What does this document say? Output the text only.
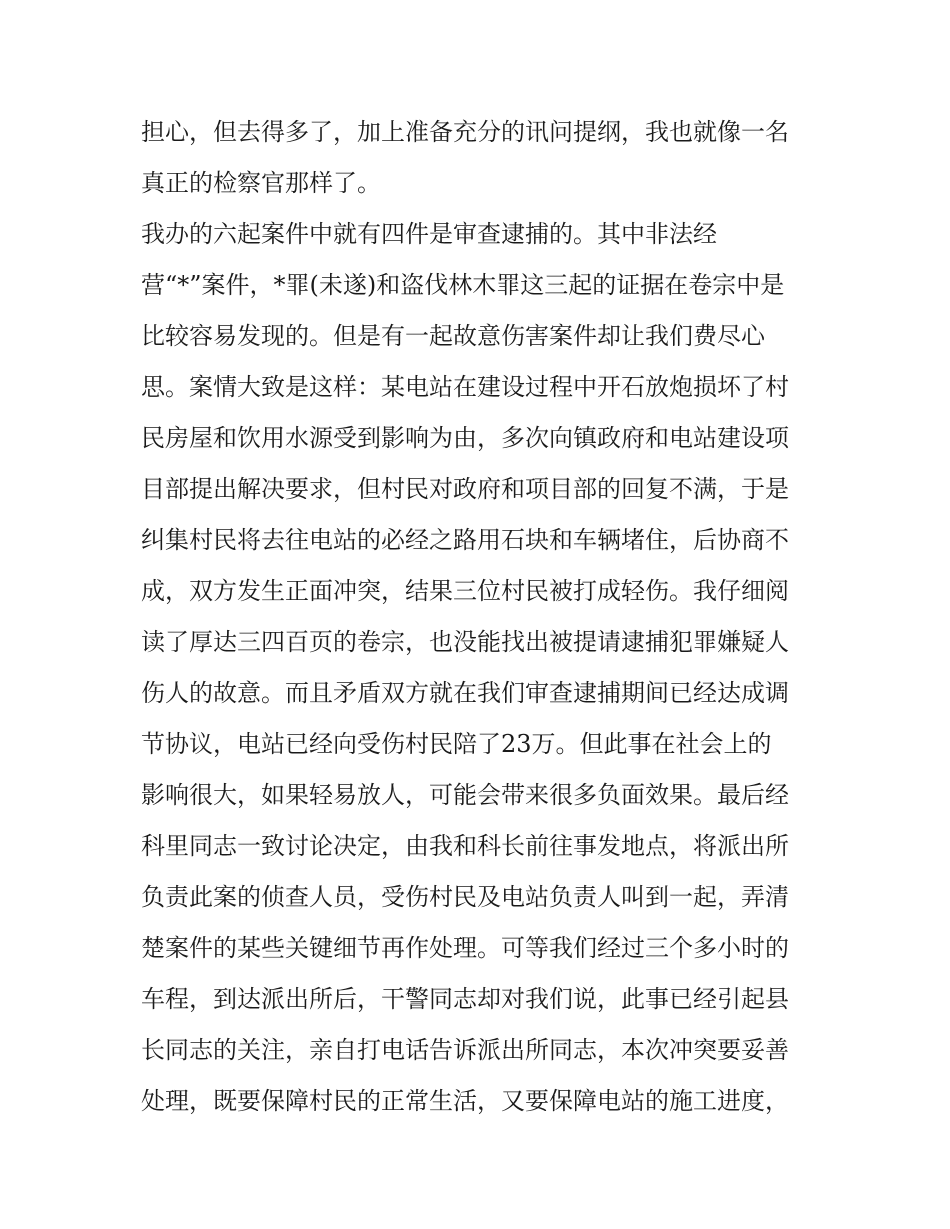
担心，但去得多了，加上准备充分的讯问提纲，我也就像一名
真正的检察官那样了。
我办的六起案件中就有四件是审查逮捕的。其中非法经
营“*”案件，*罪(未遂)和盗伐林木罪这三起的证据在卷宗中是
比较容易发现的。但是有一起故意伤害案件却让我们费尽心
思。案情大致是这样：某电站在建设过程中开石放炮损坏了村
民房屋和饮用水源受到影响为由，多次向镇政府和电站建设项
目部提出解决要求，但村民对政府和项目部的回复不满，于是
纠集村民将去往电站的必经之路用石块和车辆堵住，后协商不
成，双方发生正面冲突，结果三位村民被打成轻伤。我仔细阅
读了厚达三四百页的卷宗，也没能找出被提请逮捕犯罪嫌疑人
伤人的故意。而且矛盾双方就在我们审查逮捕期间已经达成调
节协议，电站已经向受伤村民陪了23万。但此事在社会上的
影响很大，如果轻易放人，可能会带来很多负面效果。最后经
科里同志一致讨论决定，由我和科长前往事发地点，将派出所
负责此案的侦查人员，受伤村民及电站负责人叫到一起，弄清
楚案件的某些关键细节再作处理。可等我们经过三个多小时的
车程，到达派出所后，干警同志却对我们说，此事已经引起县
长同志的关注，亲自打电话告诉派出所同志，本次冲突要妥善
处理，既要保障村民的正常生活，又要保障电站的施工进度，
